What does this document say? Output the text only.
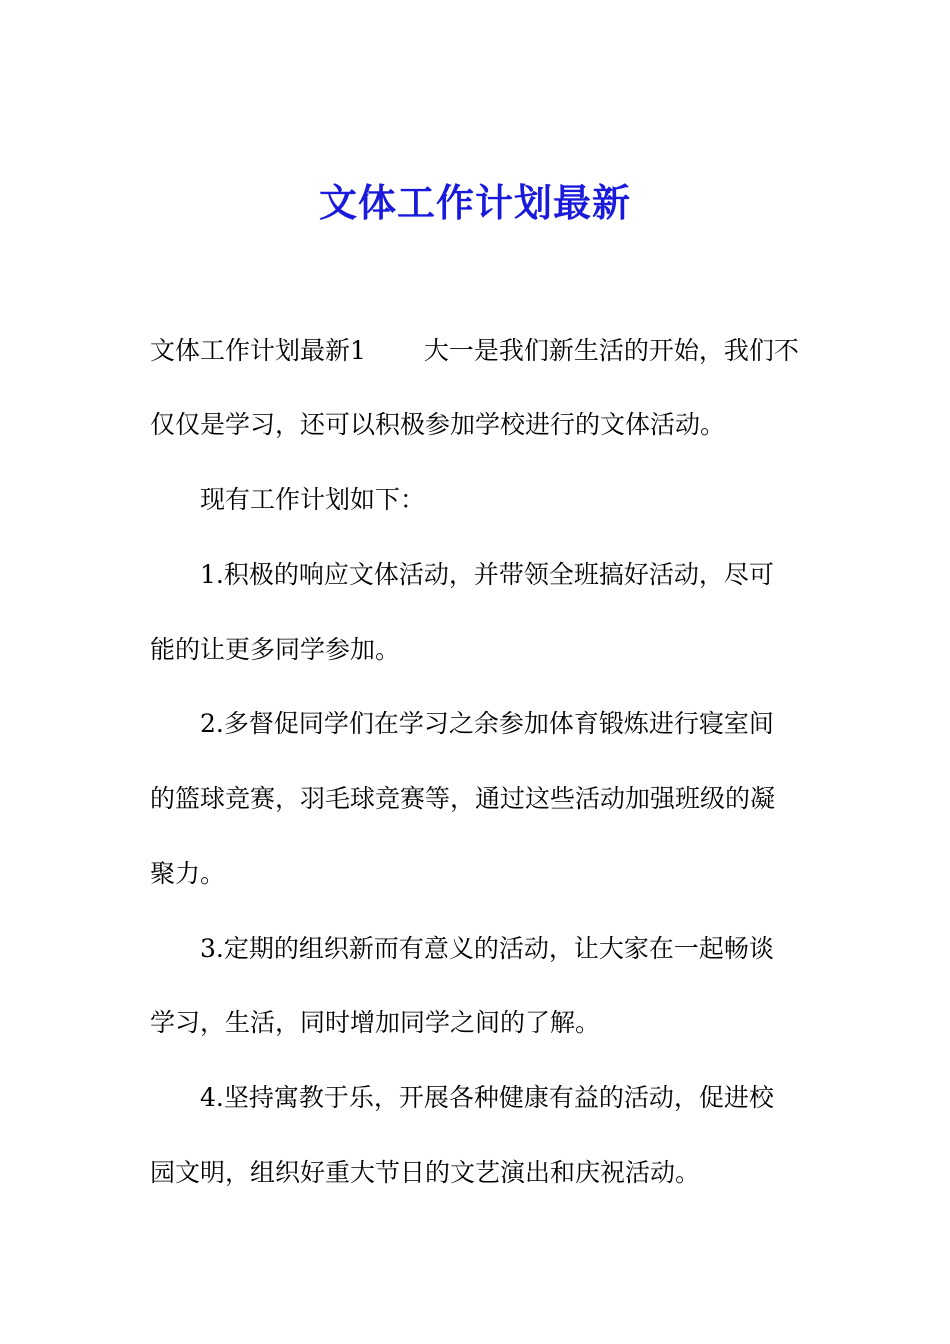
文体工作计划最新

文体工作计划最新1 大一是我们新生活的开始，我们不

仅仅是学习，还可以积极参加学校进行的文体活动。

现有工作计划如下：

1.积极的响应文体活动，并带领全班搞好活动，尽可

能的让更多同学参加。

2.多督促同学们在学习之余参加体育锻炼进行寝室间

的篮球竞赛，羽毛球竞赛等，通过这些活动加强班级的凝

聚力。

3.定期的组织新而有意义的活动，让大家在一起畅谈

学习，生活，同时增加同学之间的了解。

4.坚持寓教于乐，开展各种健康有益的活动，促进校

园文明，组织好重大节日的文艺演出和庆祝活动。
